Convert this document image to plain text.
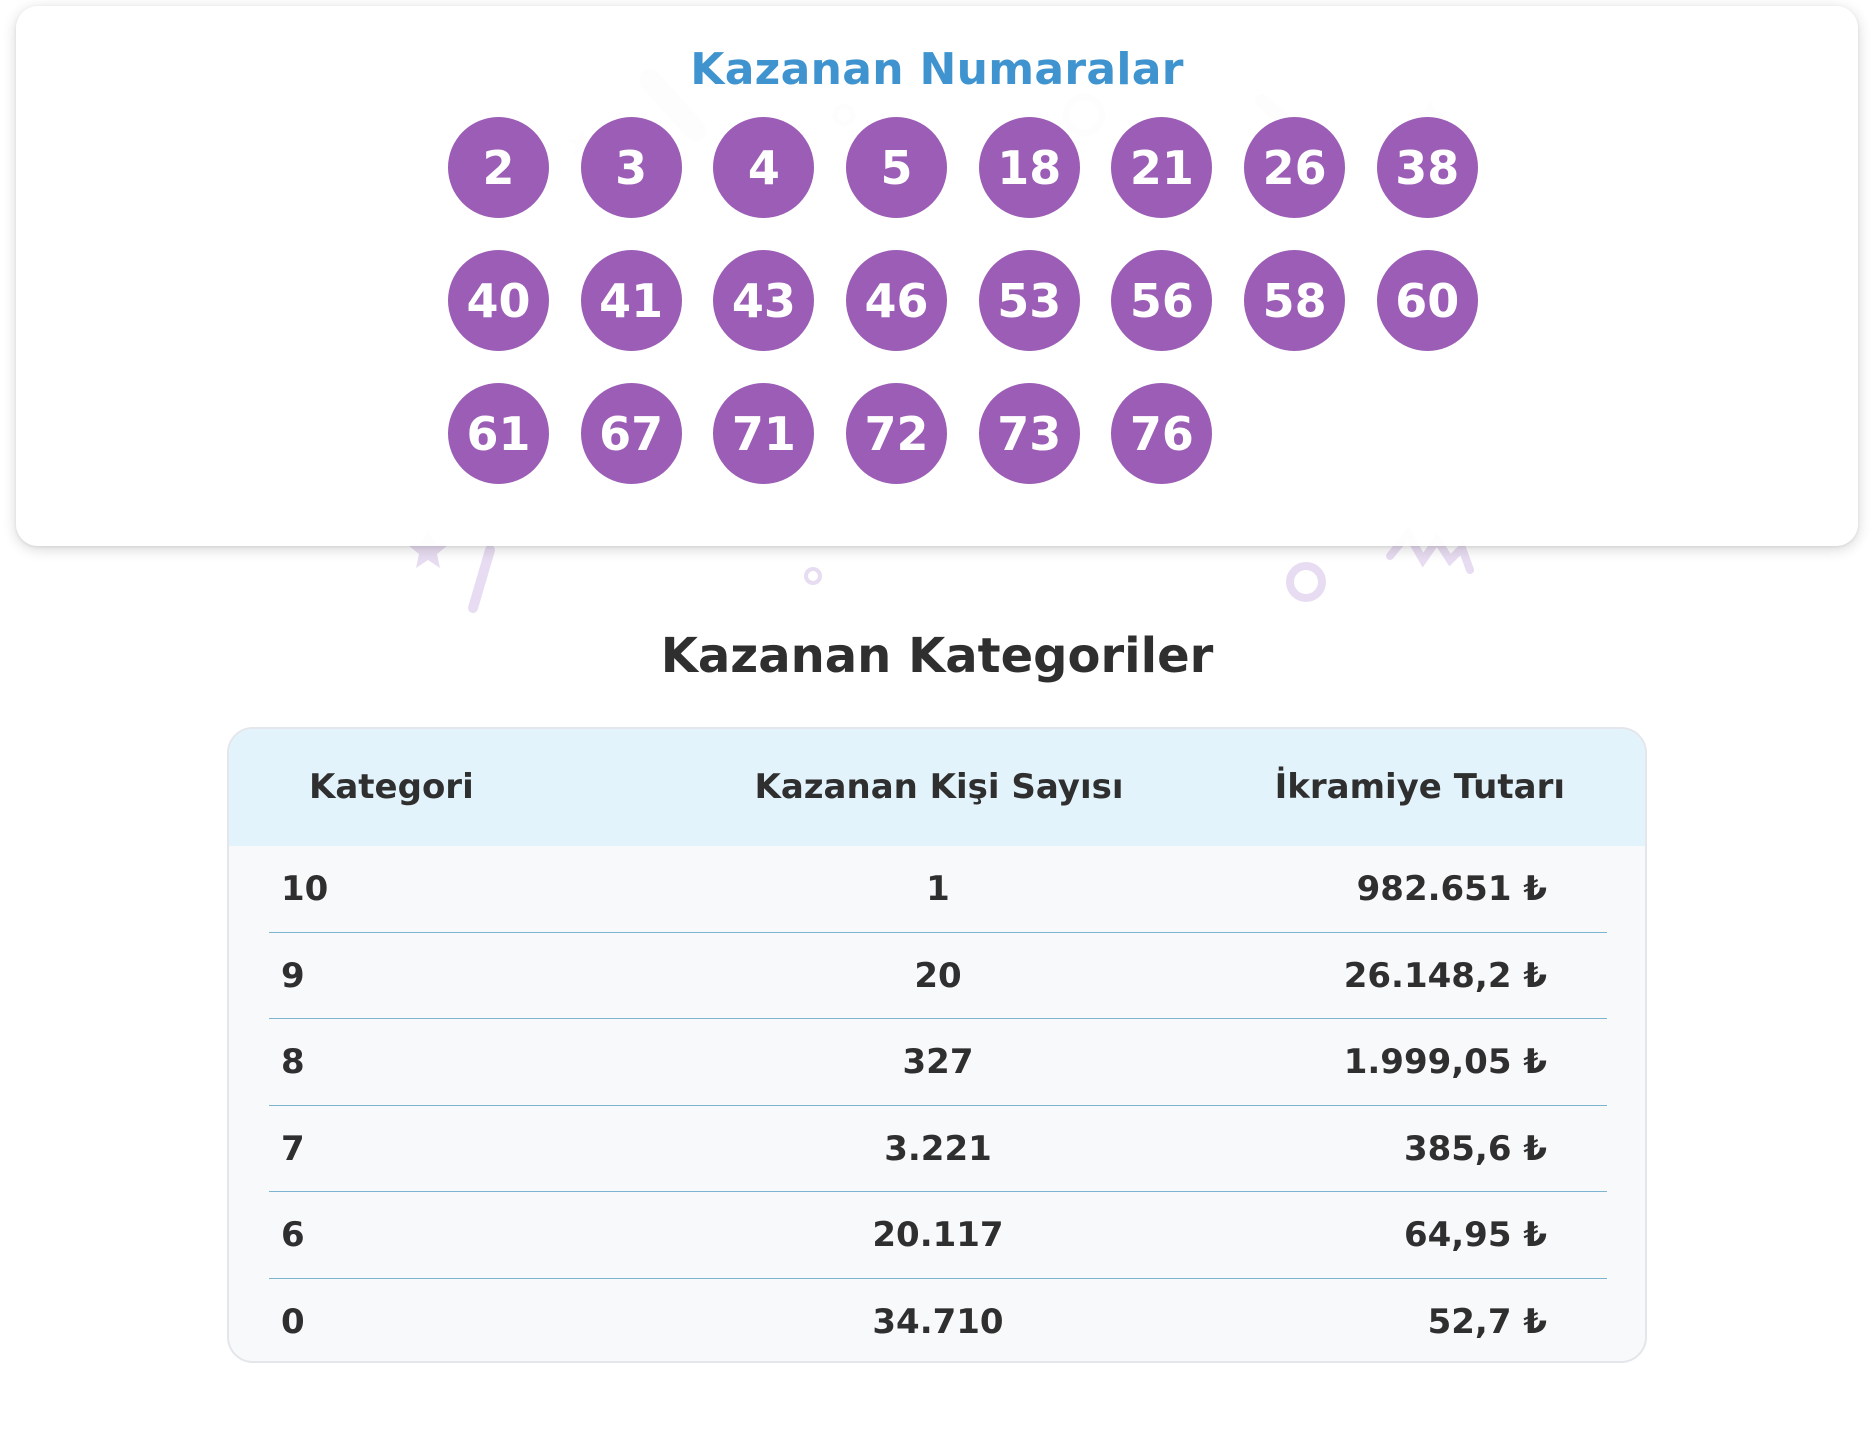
Kazanan Numaralar
2	3	4	5	18	21	26	38
40	41	43	46	53	56	58	60
61	67	71	72	73	76
Kazanan Kategoriler
Kategori	Kazanan Kişi Sayısı	İkramiye Tutarı
10	1	982.651 ₺
9	20	26.148,2 ₺
8	327	1.999,05 ₺
7	3.221	385,6 ₺
6	20.117	64,95 ₺
0	34.710	52,7 ₺
